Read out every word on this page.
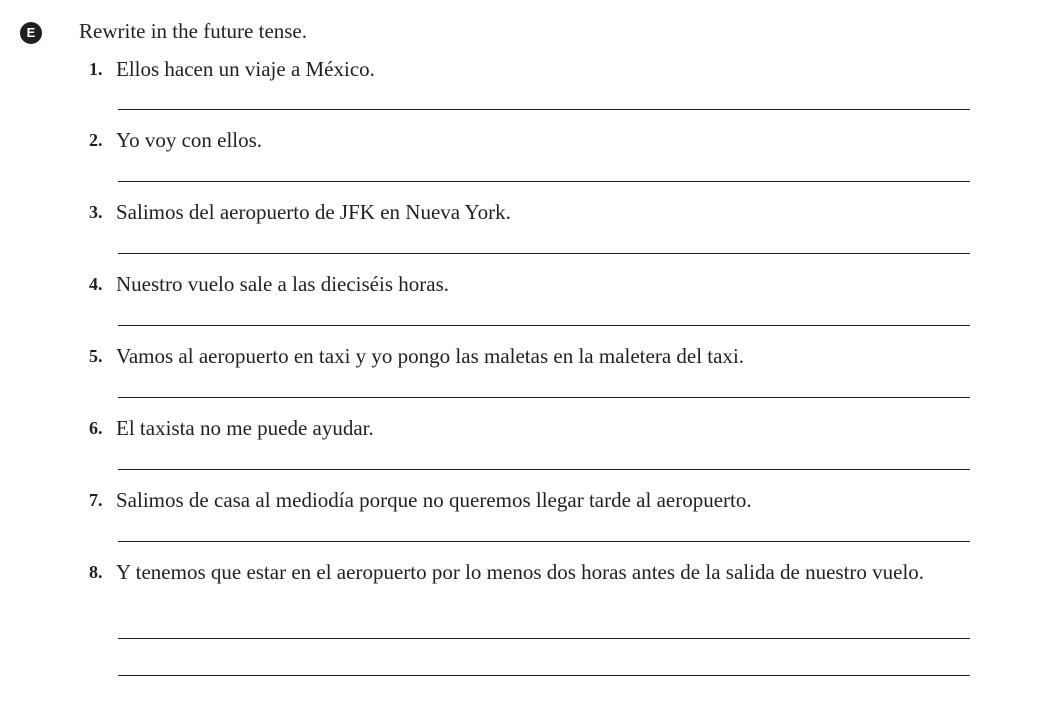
E	Rewrite in the future tense.
1. Ellos hacen un viaje a México.
2. Yo voy con ellos.
3. Salimos del aeropuerto de JFK en Nueva York.
4. Nuestro vuelo sale a las dieciséis horas.
5. Vamos al aeropuerto en taxi y yo pongo las maletas en la maletera del taxi.
6. El taxista no me puede ayudar.
7. Salimos de casa al mediodía porque no queremos llegar tarde al aeropuerto.
8. Y tenemos que estar en el aeropuerto por lo menos dos horas antes de la salida de nuestro vuelo.
